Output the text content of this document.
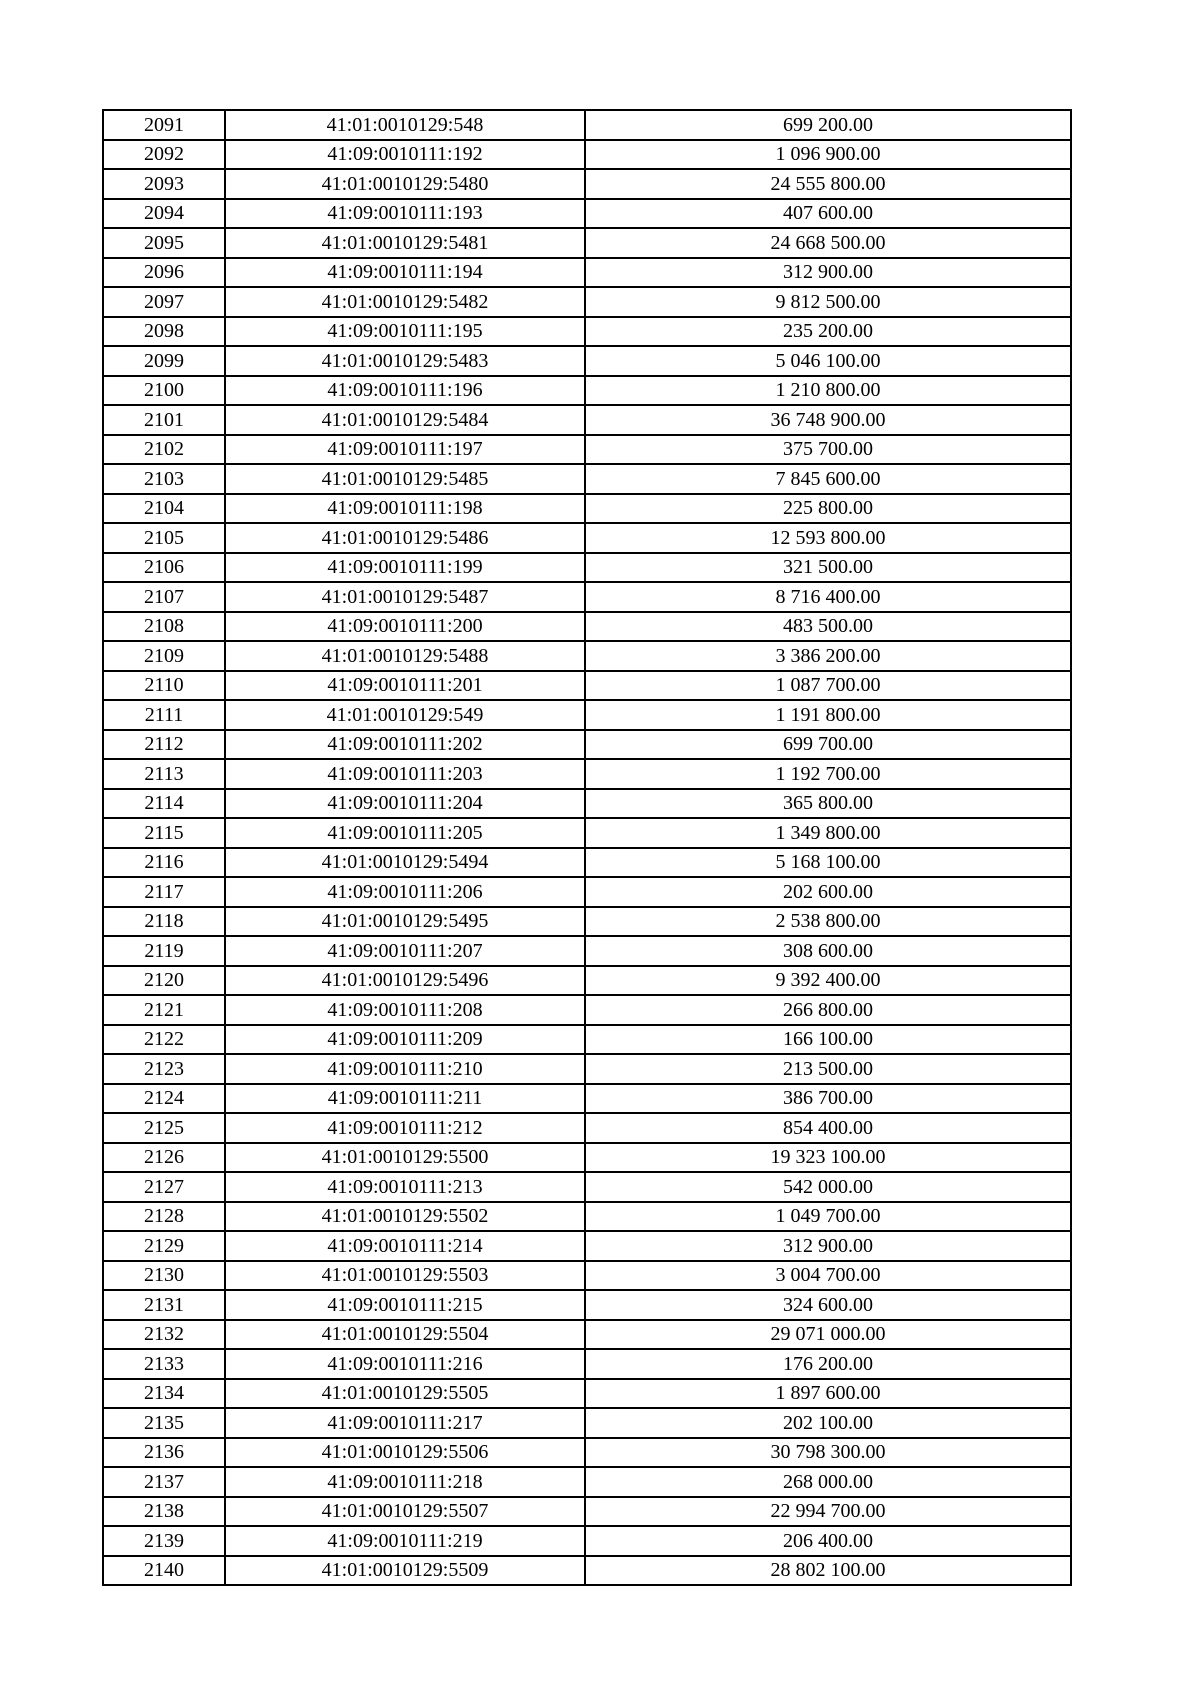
2091	41:01:0010129:548	699 200.00
2092	41:09:0010111:192	1 096 900.00
2093	41:01:0010129:5480	24 555 800.00
2094	41:09:0010111:193	407 600.00
2095	41:01:0010129:5481	24 668 500.00
2096	41:09:0010111:194	312 900.00
2097	41:01:0010129:5482	9 812 500.00
2098	41:09:0010111:195	235 200.00
2099	41:01:0010129:5483	5 046 100.00
2100	41:09:0010111:196	1 210 800.00
2101	41:01:0010129:5484	36 748 900.00
2102	41:09:0010111:197	375 700.00
2103	41:01:0010129:5485	7 845 600.00
2104	41:09:0010111:198	225 800.00
2105	41:01:0010129:5486	12 593 800.00
2106	41:09:0010111:199	321 500.00
2107	41:01:0010129:5487	8 716 400.00
2108	41:09:0010111:200	483 500.00
2109	41:01:0010129:5488	3 386 200.00
2110	41:09:0010111:201	1 087 700.00
2111	41:01:0010129:549	1 191 800.00
2112	41:09:0010111:202	699 700.00
2113	41:09:0010111:203	1 192 700.00
2114	41:09:0010111:204	365 800.00
2115	41:09:0010111:205	1 349 800.00
2116	41:01:0010129:5494	5 168 100.00
2117	41:09:0010111:206	202 600.00
2118	41:01:0010129:5495	2 538 800.00
2119	41:09:0010111:207	308 600.00
2120	41:01:0010129:5496	9 392 400.00
2121	41:09:0010111:208	266 800.00
2122	41:09:0010111:209	166 100.00
2123	41:09:0010111:210	213 500.00
2124	41:09:0010111:211	386 700.00
2125	41:09:0010111:212	854 400.00
2126	41:01:0010129:5500	19 323 100.00
2127	41:09:0010111:213	542 000.00
2128	41:01:0010129:5502	1 049 700.00
2129	41:09:0010111:214	312 900.00
2130	41:01:0010129:5503	3 004 700.00
2131	41:09:0010111:215	324 600.00
2132	41:01:0010129:5504	29 071 000.00
2133	41:09:0010111:216	176 200.00
2134	41:01:0010129:5505	1 897 600.00
2135	41:09:0010111:217	202 100.00
2136	41:01:0010129:5506	30 798 300.00
2137	41:09:0010111:218	268 000.00
2138	41:01:0010129:5507	22 994 700.00
2139	41:09:0010111:219	206 400.00
2140	41:01:0010129:5509	28 802 100.00
